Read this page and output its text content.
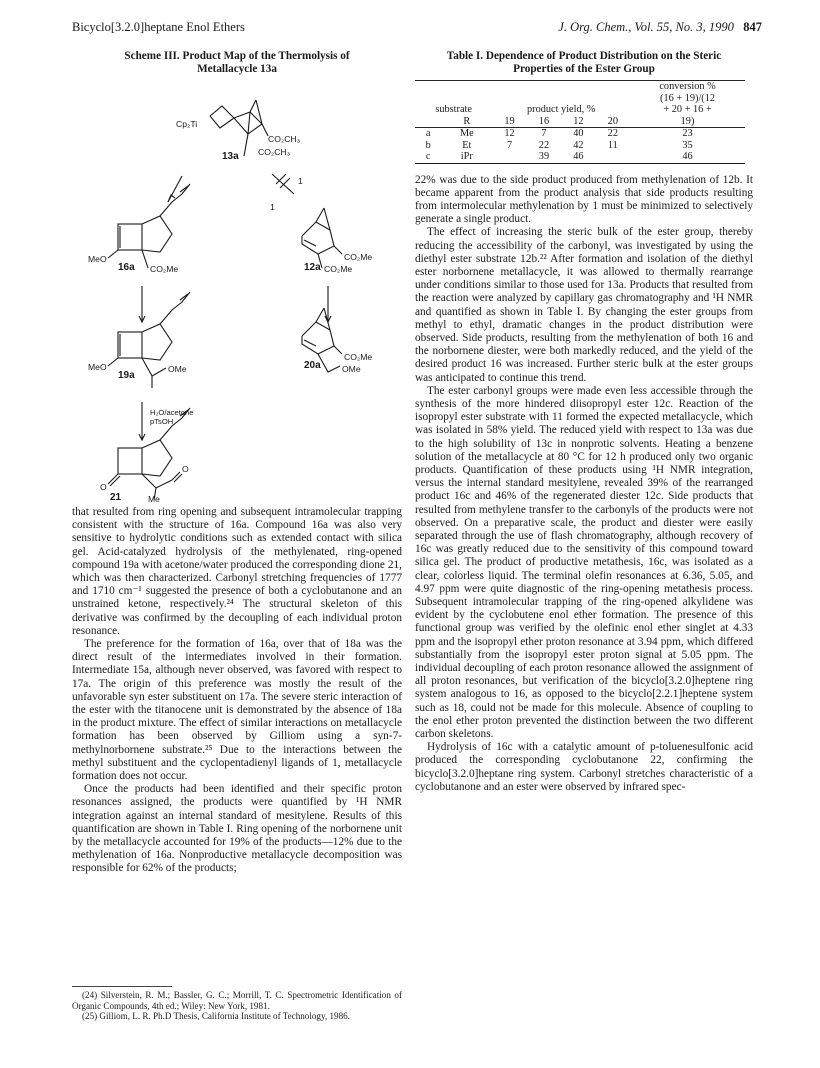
Bicyclo[3.2.0]heptane Enol Ethers	J. Org. Chem., Vol. 55, No. 3, 1990 847
Scheme III. Product Map of the Thermolysis of
Metallacycle 13a
Cp₂Ti
CO₂CH₃
CO₂CH₃
13a
1
1
MeO
16a CO₂Me
CO₂Me
12a CO₂Me
MeO
19a
OMe
CO₂Me
20a OMe
H₂O/acetone
pTsOH
O
O
21	Me

that resulted from ring opening and subsequent intramolecular trapping consistent with the structure of 16a. Compound 16a was also very sensitive to hydrolytic conditions such as extended contact with silica gel. Acid-catalyzed hydrolysis of the methylenated, ring-opened compound 19a with acetone/water produced the corresponding dione 21, which was then characterized. Carbonyl stretching frequencies of 1777 and 1710 cm⁻¹ suggested the presence of both a cyclobutanone and an unstrained ketone, respectively.²⁴ The structural skeleton of this derivative was confirmed by the decoupling of each individual proton resonance.

The preference for the formation of 16a, over that of 18a was the direct result of the intermediates involved in their formation. Intermediate 15a, although never observed, was favored with respect to 17a. The origin of this preference was mostly the result of the unfavorable syn ester substituent on 17a. The severe steric interaction of the ester with the titanocene unit is demonstrated by the absence of 18a in the product mixture. The effect of similar interactions on metallacycle formation has been observed by Gilliom using a syn-7-methylnorbornene substrate.²⁵ Due to the interactions between the methyl substituent and the cyclopentadienyl ligands of 1, metallacycle formation does not occur.

Once the products had been identified and their specific proton resonances assigned, the products were quantified by ¹H NMR integration against an internal standard of mesitylene. Results of this quantification are shown in Table I. Ring opening of the norbornene unit by the metallacycle accounted for 19% of the products—12% due to the methylenation of 16a. Nonproductive metallacycle decomposition was responsible for 62% of the products;

(24) Silverstein, R. M.; Bassler, G. C.; Morrill, T. C. Spectrometric Identification of Organic Compounds, 4th ed.; Wiley: New York, 1981.

(25) Gilliom, L. R. Ph.D Thesis, California Institute of Technology, 1986.

Table I. Dependence of Product Distribution on the Steric
Properties of the Ester Group
substrate		product yield, %				conversion %
						(16 + 19)/(12
						+ 20 + 16 +
	R	19	16	12	20	19)
a	Me	12	7	40	22	23
b	Et	7	22	42	11	35
c	iPr		39	46		46

22% was due to the side product produced from methylenation of 12b. It became apparent from the product analysis that side products resulting from intermolecular methylenation by 1 must be minimized to selectively generate a single product.

The effect of increasing the steric bulk of the ester group, thereby reducing the accessibility of the carbonyl, was investigated by using the diethyl ester substrate 12b.²² After formation and isolation of the diethyl ester norbornene metallacycle, it was allowed to thermally rearrange under conditions similar to those used for 13a. Products that resulted from the reaction were analyzed by capillary gas chromatography and ¹H NMR and quantified as shown in Table I. By changing the ester groups from methyl to ethyl, dramatic changes in the product distribution were observed. Side products, resulting from the methylenation of both 16 and the norbornene diester, were both markedly reduced, and the yield of the desired product 16 was increased. Further steric bulk at the ester groups was anticipated to continue this trend.

The ester carbonyl groups were made even less accessible through the synthesis of the more hindered diisopropyl ester 12c. Reaction of the isopropyl ester substrate with 11 formed the expected metallacycle, which was isolated in 58% yield. The reduced yield with respect to 13a was due to the high solubility of 13c in nonprotic solvents. Heating a benzene solution of the metallacycle at 80 °C for 12 h produced only two organic products. Quantification of these products using ¹H NMR integration, versus the internal standard mesitylene, revealed 39% of the rearranged product 16c and 46% of the regenerated diester 12c. Side products that resulted from methylene transfer to the carbonyls of the products were not observed. On a preparative scale, the product and diester were easily separated through the use of flash chromatography, although recovery of 16c was greatly reduced due to the sensitivity of this compound toward silica gel. The product of productive metathesis, 16c, was isolated as a clear, colorless liquid. The terminal olefin resonances at 6.36, 5.05, and 4.97 ppm were quite diagnostic of the ring-opening metathesis process. Subsequent intramolecular trapping of the ring-opened alkylidene was evident by the cyclobutene enol ether formation. The presence of this functional group was verified by the olefinic enol ether singlet at 4.33 ppm and the isopropyl ether proton resonance at 3.94 ppm, which differed substantially from the isopropyl ester proton signal at 5.05 ppm. The individual decoupling of each proton resonance allowed the assignment of all proton resonances, but verification of the bicyclo[3.2.0]heptene ring system analogous to 16, as opposed to the bicyclo[2.2.1]heptene system such as 18, could not be made for this molecule. Absence of coupling to the enol ether proton prevented the distinction between the two different carbon skeletons.

Hydrolysis of 16c with a catalytic amount of p-toluenesulfonic acid produced the corresponding cyclobutanone 22, confirming the bicyclo[3.2.0]heptane ring system. Carbonyl stretches characteristic of a cyclobutanone and an ester were observed by infrared spec-
